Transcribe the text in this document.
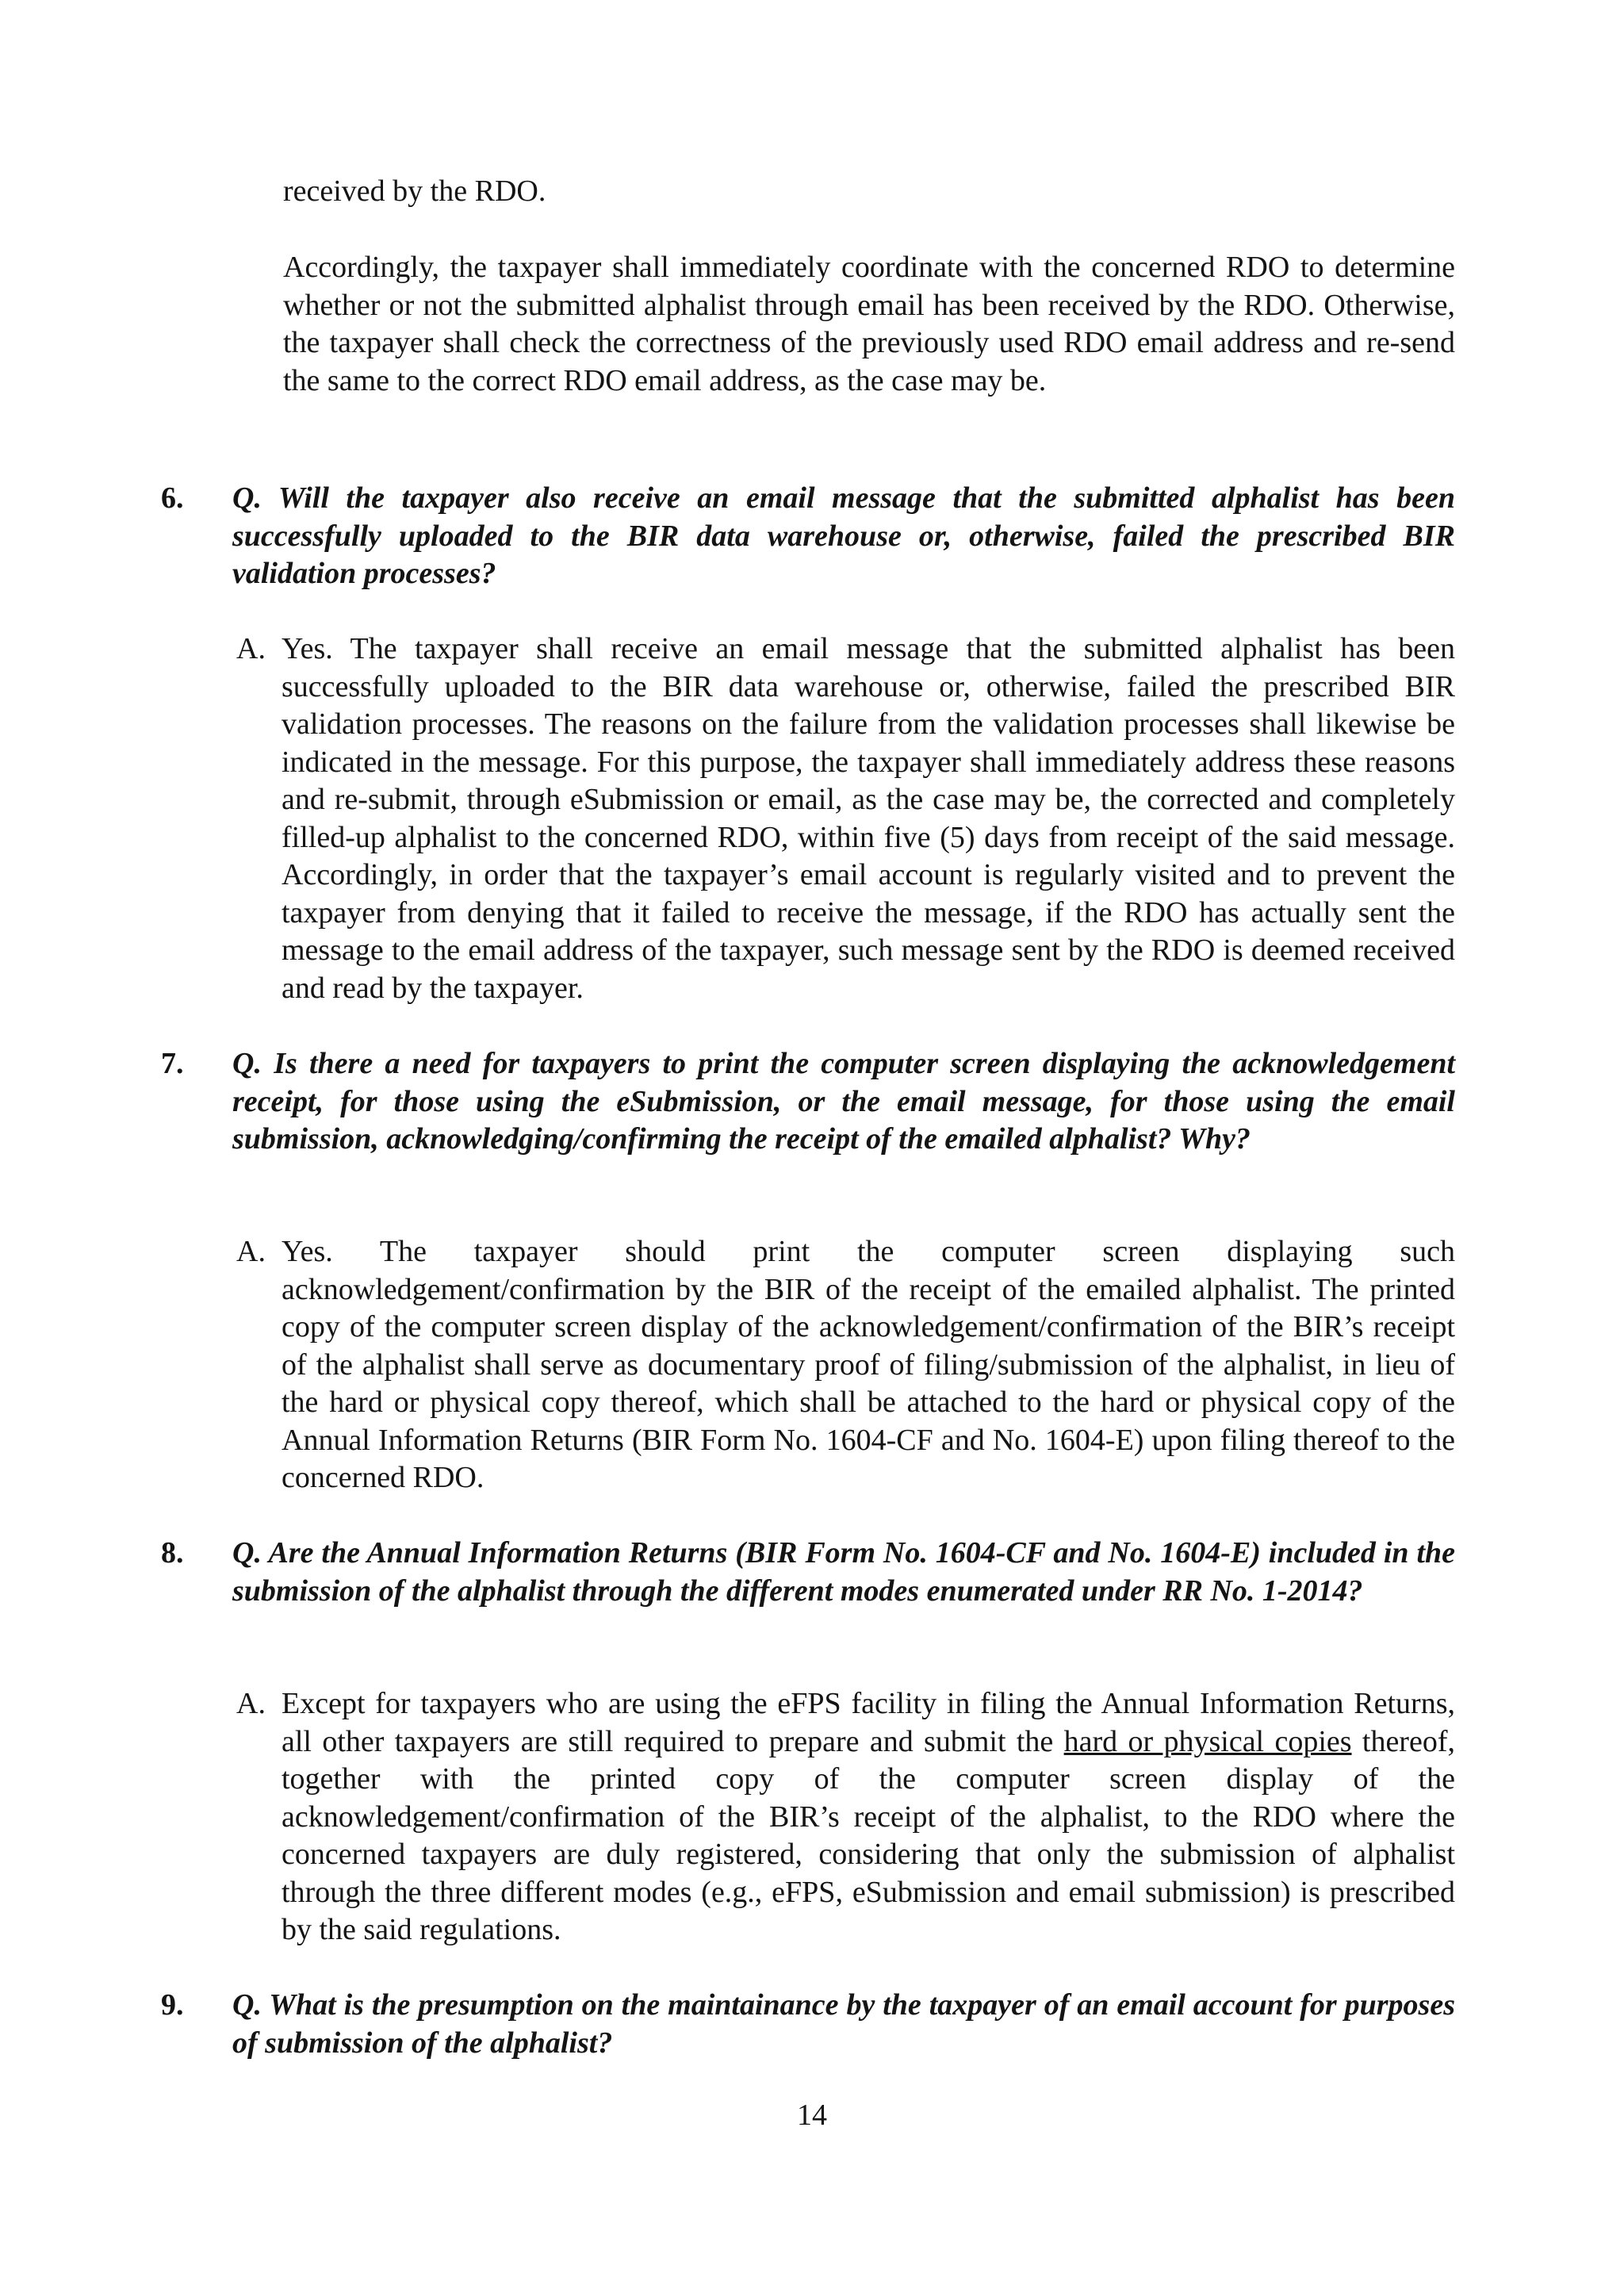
received by the RDO.

Accordingly, the taxpayer shall immediately coordinate with the concerned RDO to determine whether or not the submitted alphalist through email has been received by the RDO. Otherwise, the taxpayer shall check the correctness of the previously used RDO email address and re-send the same to the correct RDO email address, as the case may be.

6. Q. Will the taxpayer also receive an email message that the submitted alphalist has been successfully uploaded to the BIR data warehouse or, otherwise, failed the prescribed BIR validation processes?
A. Yes. The taxpayer shall receive an email message that the submitted alphalist has been successfully uploaded to the BIR data warehouse or, otherwise, failed the prescribed BIR validation processes. The reasons on the failure from the validation processes shall likewise be indicated in the message. For this purpose, the taxpayer shall immediately address these reasons and re-submit, through eSubmission or email, as the case may be, the corrected and completely filled-up alphalist to the concerned RDO, within five (5) days from receipt of the said message. Accordingly, in order that the taxpayer’s email account is regularly visited and to prevent the taxpayer from denying that it failed to receive the message, if the RDO has actually sent the message to the email address of the taxpayer, such message sent by the RDO is deemed received and read by the taxpayer.
7. Q. Is there a need for taxpayers to print the computer screen displaying the acknowledgement receipt, for those using the eSubmission, or the email message, for those using the email submission, acknowledging/confirming the receipt of the emailed alphalist? Why?
A. Yes. The taxpayer should print the computer screen displaying such acknowledgement/confirmation by the BIR of the receipt of the emailed alphalist. The printed copy of the computer screen display of the acknowledgement/confirmation of the BIR’s receipt of the alphalist shall serve as documentary proof of filing/submission of the alphalist, in lieu of the hard or physical copy thereof, which shall be attached to the hard or physical copy of the Annual Information Returns (BIR Form No. 1604-CF and No. 1604-E) upon filing thereof to the concerned RDO.
8. Q. Are the Annual Information Returns (BIR Form No. 1604-CF and No. 1604-E) included in the submission of the alphalist through the different modes enumerated under RR No. 1-2014?
A. Except for taxpayers who are using the eFPS facility in filing the Annual Information Returns, all other taxpayers are still required to prepare and submit the hard or physical copies thereof, together with the printed copy of the computer screen display of the acknowledgement/confirmation of the BIR’s receipt of the alphalist, to the RDO where the concerned taxpayers are duly registered, considering that only the submission of alphalist through the three different modes (e.g., eFPS, eSubmission and email submission) is prescribed by the said regulations.
9. Q. What is the presumption on the maintainance by the taxpayer of an email account for purposes of submission of the alphalist?
14
